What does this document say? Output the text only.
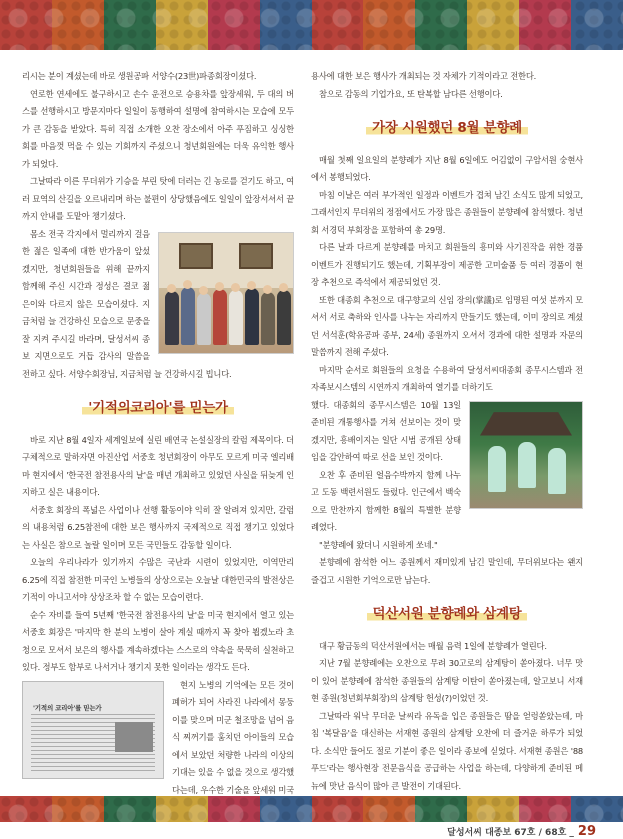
리시는 분이 계셨는데 바로 생원공파 서양수(23世)파종회장이셨다.

연로한 연세에도 불구하시고 손수 운전으로 승용차를 앞장세워, 두 대의 버스를 선행하시고 방문지마다 일일이 동행하여 설명에 참여하시는 모습에 모두가 큰 감동을 받았다. 특히 직접 소개한 오찬 장소에서 아주 푸짐하고 싱싱한 회를 마음껏 먹을 수 있는 기회까지 주셨으니 청년회원에는 더욱 유익한 행사가 되었다.

그날따라 이른 무더위가 기승을 부린 탓에 더러는 긴 농로를 걷기도 하고, 여러 묘역의 산길을 오르내리며 하는 불편이 상당했음에도 일일이 앞장서셔서 끝까지 안내를 도맡아 챙기셨다.

몸소 전국 각지에서 멀리까지 걸음한 젊은 일족에 대한 반가움이 앞섰겠지만, 청년회원들을 위해 끝까지 함께해 주신 시간과 정성은 결코 젊은이와 다르지 않은 모습이셨다. 지금처럼 늘 건강하신 모습으로 문중을 잘 지켜 주시길 바라며, 달성서씨 종보 지면으로도 거듭 감사의 말씀을 전하고 싶다. 서양수회장님, 지금처럼 늘 건강하시길 빕니다.

'기적의코리아'를 믿는가

바로 지난 8월 4일자 세계일보에 실린 배연국 논설실장의 칼럼 제목이다. 더 구체적으로 말하자면 아진산업 서중호 청년회장이 아무도 모르게 미국 엘리배마 현지에서 '한국전 참전용사의 날'을 매년 개최하고 있었던 사실을 뒤늦게 인지하고 실은 내용이다.

서중호 회장의 폭넓은 사업이나 선행 활동이야 익히 잘 알려져 있지만, 갈럼의 내용처럼 6.25참전에 대한 보은 행사까지 국제적으로 직접 챙기고 있었다는 사실은 참으로 놀랄 일이며 모든 국민들도 감동할 일이다.

오늘의 우리나라가 있기까지 수많은 국난과 시련이 있었지만, 이역만리 6.25에 직접 참전한 미국인 노병들의 상상으로는 오늘날 대한민국의 발전상은 기적이 아니고서야 상상조차 할 수 없는 모습이련다.

순수 자비를 들여 5년째 '한국전 참전용사의 날'을 미국 현지에서 열고 있는 서중호 회장은 '마지막 한 분의 노병이 살아 계실 때까지 꼭 찾아 뵙겠노라 초청으로 모셔서 보은의 행사를 계속하겠다는 스스로의 약속을 묵묵히 실천하고 있다. 정부도 함부로 나서거나 챙기지 못한 일이라는 생각도 든다.

'기적의 코리아'를 믿는가

현지 노병의 기억에는 모든 것이 폐허가 되어 사라진 나라에서 몽둥이를 맞으며 미군 철조망을 넘어 음식 찌꺼기를 훔치던 아이들의 모습에서 보았던 처량한 나라의 이상의 기대는 있을 수 없을 것으로 생각했다는데, 우수한 기술을 앞세워 미국

용사에 대한 보은 행사가 개최되는 것 자체가 기적이라고 전한다.

참으로 감동의 기업가요, 또 탄복할 남다른 선행이다.

가장 시원했던 8월 분향례

매월 첫째 일요일의 분향례가 지난 8월 6일에도 어김없이 구암서원 숭현사에서 봉행되었다.

마침 이날은 여러 부가적인 일정과 이벤트가 겹쳐 남긴 소식도 많게 되었고, 그래서인지 무더위의 정점에서도 가장 많은 종원들이 분향례에 참석했다. 청년회 서경덕 부회장을 포함하여 총 29명.

다른 날과 다르게 분향례를 마치고 회원들의 흥미와 사기진작을 위한 경품 이벤트가 진행되기도 했는데, 기획부장이 제공한 고미술품 등 여러 경품이 현장 추천으로 즉석에서 제공되었던 것.

또한 대종회 추천으로 대구향교의 신임 장의(掌議)로 임명된 여섯 분까지 모셔서 서로 축하와 인사를 나누는 자리까지 만들기도 했는데, 이미 장의로 계셨던 서석훈(학유공파 종부, 24세) 종원까지 오셔서 경과에 대한 설명과 자문의 말씀까지 전해 주셨다.

마지막 순서로 회원들의 요청을 수용하여 달성서씨대종회 종무시스템과 전자족보시스템의 시연까지 개최하여 열기를 더하기도

했다. 대종회의 종무시스템은 10월 13일 준비된 개통행사를 거쳐 선보이는 것이 맞겠지만, 흥배이지는 일단 시범 공개된 상태임을 감안하여 따로 선을 보인 것이다.

오찬 후 준비된 얼음수박까지 함께 나누고 도동 백련서원도 들렀다. 인근에서 백숙으로 만찬까지 함께한 8월의 특별한 분향례였다.

"분향례에 왔더니 시원하게 쏘네."

분향례에 참석한 어느 종원께서 재미있게 남긴 말인데, 무더위보다는 왠지 즐겁고 시원한 기억으로만 남는다.

덕산서원 분향례와 삼계탕

대구 황금동의 덕산서원에서는 매월 음력 1일에 분향례가 열린다.

지난 7월 분향례에는 오찬으로 무려 30고로의 삼계탕이 쏟아졌다. 너무 맛이 있어 분향례에 참석한 종원들의 삼계탕 이탄이 쏟아졌는데, 알고보니 서재현 종원(청년회부회장)의 삼계탕 헌성(?)이었던 것.

그날따라 워낙 무더운 날씨라 유독을 입은 종원들은 땀을 얻렁쏟았는데, 마침 '복달음'을 대신하는 서재현 종원의 삼계탕 오찬에 더 즐거운 하루가 되었다. 소식만 들어도 절로 기분이 좋은 일이라 종보에 싣었다. 서재현 종원은 '88푸드'라는 행사현장 전문음식을 공급하는 사업을 하는데, 다양하게 준비된 메뉴에 맛난 음식이 많아 큰 발전이 기대된다.

달성서씨 대종보 67호 / 68호 _ 29
